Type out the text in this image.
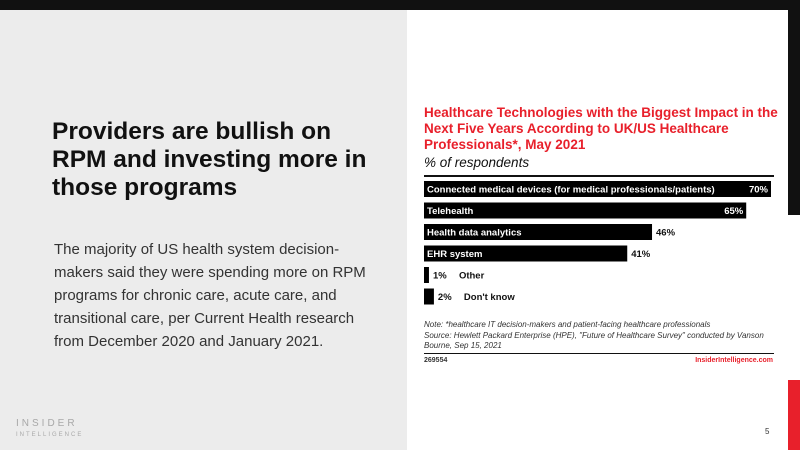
Providers are bullish on RPM and investing more in those programs

The majority of US health system decision-makers said they were spending more on RPM programs for chronic care, acute care, and transitional care, per Current Health research from December 2020 and January 2021.

INSIDER
INTELLIGENCE
Healthcare Technologies with the Biggest Impact in the Next Five Years According to UK/US Healthcare Professionals*, May 2021
% of respondents
Connected medical devices (for medical professionals/patients)	70%
Telehealth	65%
Health data analytics	46%
EHR system	41%
1% Other
2% Don't know

Note: *healthcare IT decision-makers and patient-facing healthcare professionals
Source: Hewlett Packard Enterprise (HPE), "Future of Healthcare Survey" conducted by Vanson Bourne, Sep 15, 2021

269554	InsiderIntelligence.com
5
